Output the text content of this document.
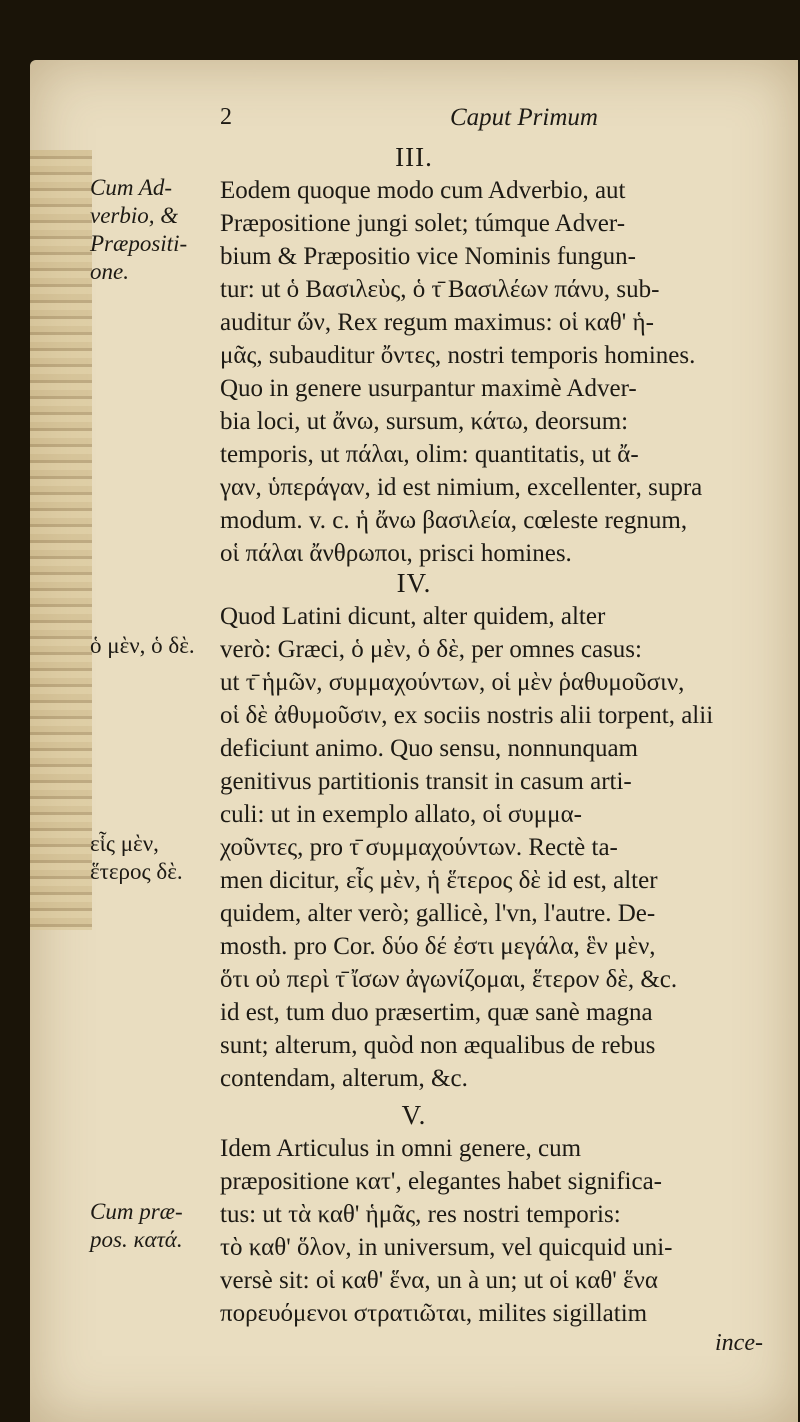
2	Caput Primum
III.
Eodem quoque modo cum Adverbio, aut
Præpositione jungi solet; túmque Adver-
bium & Præpositio vice Nominis fungun-
tur: ut ὁ Βασιλεὺς, ὁ τ̄ Βασιλέων πάνυ, sub-
auditur ὤν, Rex regum maximus: οἱ καθ' ἡ-
μᾶς, subauditur ὄντες, nostri temporis homines.
Quo in genere usurpantur maximè Adver-
bia loci, ut ἄνω, sursum, κάτω, deorsum:
temporis, ut πάλαι, olim: quantitatis, ut ἄ-
γαν, ὑπεράγαν, id est nimium, excellenter, supra
modum. v. c. ἡ ἄνω βασιλεία, cœleste regnum,
οἱ πάλαι ἄνθρωποι, prisci homines.
IV.
Quod Latini dicunt, alter quidem, alter
verò: Græci, ὁ μὲν, ὁ δὲ, per omnes casus:
ut τ̄ ἡμῶν, συμμαχούντων, οἱ μὲν ῥαθυμοῦσιν,
οἱ δὲ ἀθυμοῦσιν, ex sociis nostris alii torpent, alii
deficiunt animo. Quo sensu, nonnunquam
genitivus partitionis transit in casum arti-
culi: ut in exemplo allato, οἱ συμμα-
χοῦντες, pro τ̄ συμμαχούντων. Rectè ta-
men dicitur, εἷς μὲν, ἡ ἕτερος δὲ id est, alter
quidem, alter verò; gallicè, l'vn, l'autre. De-
mosth. pro Cor. δύο δέ ἐστι μεγάλα, ἓν μὲν,
ὅτι οὐ περὶ τ̄ ἴσων ἀγωνίζομαι, ἕτερον δὲ, &c.
id est, tum duo præsertim, quæ sanè magna
sunt; alterum, quòd non æqualibus de rebus
contendam, alterum, &c.
V.
Idem Articulus in omni genere, cum
præpositione κατ', elegantes habet significa-
tus: ut τὰ καθ' ἡμᾶς, res nostri temporis:
τὸ καθ' ὅλον, in universum, vel quicquid uni-
versè sit: οἱ καθ' ἕνα, un à un; ut οἱ καθ' ἕνα
πορευόμενοι στρατιῶται, milites sigillatim
Cum Ad-
verbio, &
Præpositi-
one.
ὁ μὲν, ὁ δὲ.
εἷς μὲν,
ἕτερος δὲ.
Cum præ-
pos. κατά.
ince-
